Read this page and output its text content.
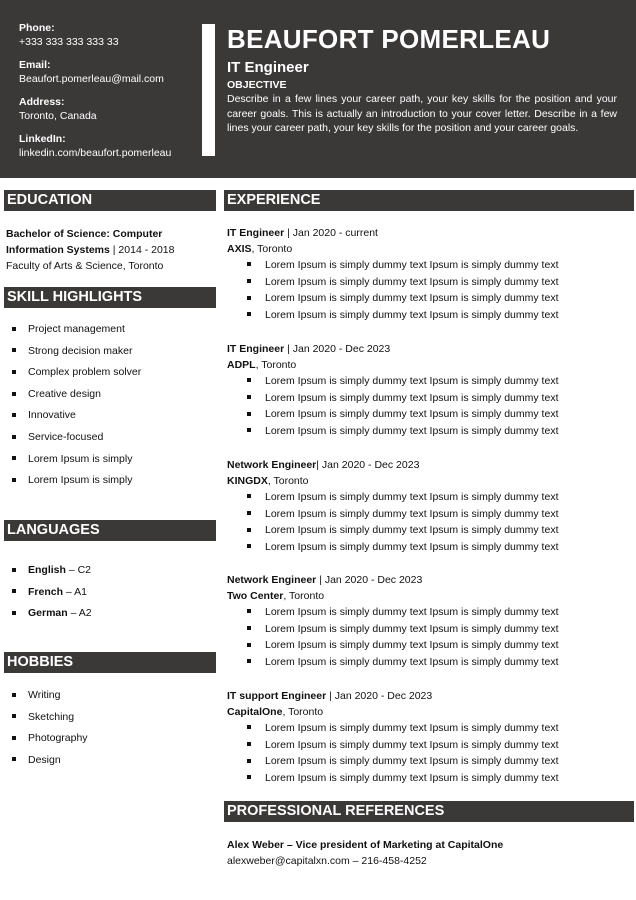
Phone:
+333 333 333 333 33
Email:
Beaufort.pomerleau@mail.com
Address:
Toronto, Canada
LinkedIn:
linkedin.com/beaufort.pomerleau
BEAUFORT POMERLEAU
IT Engineer
OBJECTIVE
Describe in a few lines your career path, your key skills for the position and your career goals. This is actually an introduction to your cover letter. Describe in a few lines your career path, your key skills for the position and your career goals.
EDUCATION
Bachelor of Science: Computer Information Systems | 2014 - 2018
Faculty of Arts & Science, Toronto
SKILL HIGHLIGHTS
Project management
Strong decision maker
Complex problem solver
Creative design
Innovative
Service-focused
Lorem Ipsum is simply
Lorem Ipsum is simply
LANGUAGES
English – C2
French – A1
German – A2
HOBBIES
Writing
Sketching
Photography
Design
EXPERIENCE
IT Engineer | Jan 2020 - current
AXIS, Toronto
Lorem Ipsum is simply dummy text Ipsum is simply dummy text
Lorem Ipsum is simply dummy text Ipsum is simply dummy text
Lorem Ipsum is simply dummy text Ipsum is simply dummy text
Lorem Ipsum is simply dummy text Ipsum is simply dummy text
IT Engineer | Jan 2020 - Dec 2023
ADPL, Toronto
Lorem Ipsum is simply dummy text Ipsum is simply dummy text
Lorem Ipsum is simply dummy text Ipsum is simply dummy text
Lorem Ipsum is simply dummy text Ipsum is simply dummy text
Lorem Ipsum is simply dummy text Ipsum is simply dummy text
Network Engineer| Jan 2020 - Dec 2023
KINGDX, Toronto
Lorem Ipsum is simply dummy text Ipsum is simply dummy text
Lorem Ipsum is simply dummy text Ipsum is simply dummy text
Lorem Ipsum is simply dummy text Ipsum is simply dummy text
Lorem Ipsum is simply dummy text Ipsum is simply dummy text
Network Engineer | Jan 2020 - Dec 2023
Two Center, Toronto
Lorem Ipsum is simply dummy text Ipsum is simply dummy text
Lorem Ipsum is simply dummy text Ipsum is simply dummy text
Lorem Ipsum is simply dummy text Ipsum is simply dummy text
Lorem Ipsum is simply dummy text Ipsum is simply dummy text
IT support Engineer | Jan 2020 - Dec 2023
CapitalOne, Toronto
Lorem Ipsum is simply dummy text Ipsum is simply dummy text
Lorem Ipsum is simply dummy text Ipsum is simply dummy text
Lorem Ipsum is simply dummy text Ipsum is simply dummy text
Lorem Ipsum is simply dummy text Ipsum is simply dummy text
PROFESSIONAL REFERENCES
Alex Weber – Vice president of Marketing at CapitalOne
alexweber@capitalxn.com – 216-458-4252
